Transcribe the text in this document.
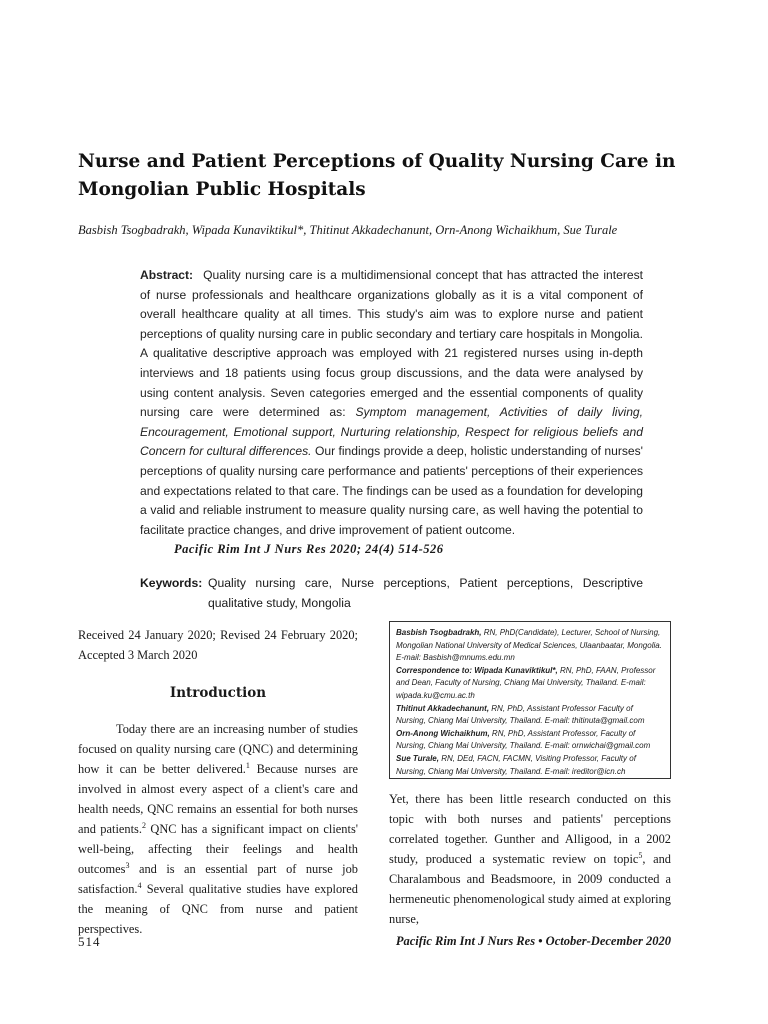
Nurse and Patient Perceptions of Quality Nursing Care in Mongolian Public Hospitals

Basbish Tsogbadrakh, Wipada Kunaviktikul*, Thitinut Akkadechanunt, Orn-Anong Wichaikhum, Sue Turale

Abstract: Quality nursing care is a multidimensional concept that has attracted the interest of nurse professionals and healthcare organizations globally as it is a vital component of overall healthcare quality at all times. This study's aim was to explore nurse and patient perceptions of quality nursing care in public secondary and tertiary care hospitals in Mongolia. A qualitative descriptive approach was employed with 21 registered nurses using in-depth interviews and 18 patients using focus group discussions, and the data were analysed by using content analysis. Seven categories emerged and the essential components of quality nursing care were determined as: Symptom management, Activities of daily living, Encouragement, Emotional support, Nurturing relationship, Respect for religious beliefs and Concern for cultural differences. Our findings provide a deep, holistic understanding of nurses' perceptions of quality nursing care performance and patients' perceptions of their experiences and expectations related to that care. The findings can be used as a foundation for developing a valid and reliable instrument to measure quality nursing care, as well having the potential to facilitate practice changes, and drive improvement of patient outcome.

Pacific Rim Int J Nurs Res 2020; 24(4) 514-526

Keywords: Quality nursing care, Nurse perceptions, Patient perceptions, Descriptive qualitative study, Mongolia

Received 24 January 2020; Revised 24 February 2020; Accepted 3 March 2020

Introduction

Today there are an increasing number of studies focused on quality nursing care (QNC) and determining how it can be better delivered.$^1$ Because nurses are involved in almost every aspect of a client's care and health needs, QNC remains an essential for both nurses and patients.$^2$ QNC has a significant impact on clients' well-being, affecting their feelings and health outcomes$^3$ and is an essential part of nurse job satisfaction.$^4$ Several qualitative studies have explored the meaning of QNC from nurse and patient perspectives.

Basbish Tsogbadrakh, RN, PhD(Candidate), Lecturer, School of Nursing, Mongolian National University of Medical Sciences, Ulaanbaatar, Mongolia. E-mail: Basbish@mnums.edu.mn

Correspondence to: Wipada Kunaviktikul*, RN, PhD, FAAN, Professor and Dean, Faculty of Nursing, Chiang Mai University, Thailand. E-mail: wipada.ku@cmu.ac.th

Thitinut Akkadechanunt, RN, PhD, Assistant Professor Faculty of Nursing, Chiang Mai University, Thailand. E-mail: thitinuta@gmail.com

Orn-Anong Wichaikhum, RN, PhD, Assistant Professor, Faculty of Nursing, Chiang Mai University, Thailand. E-mail: ornwichai@gmail.com

Sue Turale, RN, DEd, FACN, FACMN, Visiting Professor, Faculty of Nursing, Chiang Mai University, Thailand. E-mail: ireditor@icn.ch

Yet, there has been little research conducted on this topic with both nurses and patients' perceptions correlated together. Gunther and Alligood, in a 2002 study, produced a systematic review on topic$^5$, and Charalambous and Beadsmoore, in 2009 conducted a hermeneutic phenomenological study aimed at exploring nurse,

514	Pacific Rim Int J Nurs Res • October-December 2020
